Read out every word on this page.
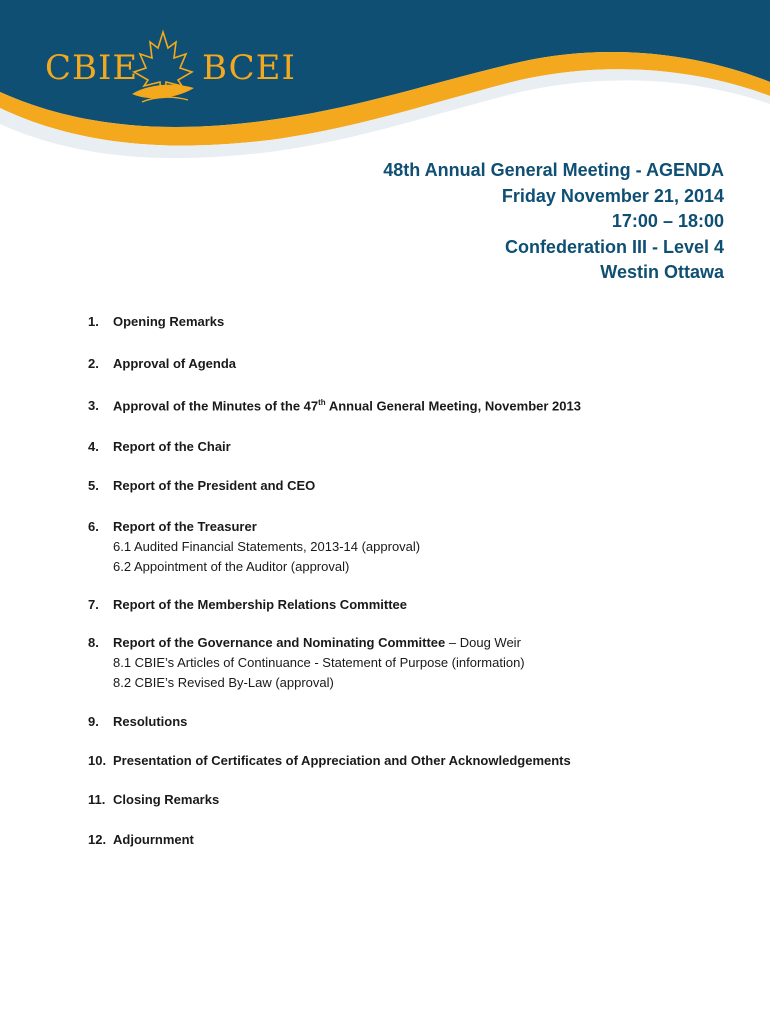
CBIE BCEI
48th Annual General Meeting - AGENDA
Friday November 21, 2014
17:00 – 18:00
Confederation III - Level 4
Westin Ottawa
1. Opening Remarks
2. Approval of Agenda
3. Approval of the Minutes of the 47th Annual General Meeting, November 2013
4. Report of the Chair
5. Report of the President and CEO
6. Report of the Treasurer
6.1 Audited Financial Statements, 2013-14 (approval)
6.2 Appointment of the Auditor (approval)
7. Report of the Membership Relations Committee
8. Report of the Governance and Nominating Committee – Doug Weir
8.1 CBIE’s Articles of Continuance - Statement of Purpose (information)
8.2 CBIE’s Revised By-Law (approval)
9. Resolutions
10. Presentation of Certificates of Appreciation and Other Acknowledgements
11. Closing Remarks
12. Adjournment
